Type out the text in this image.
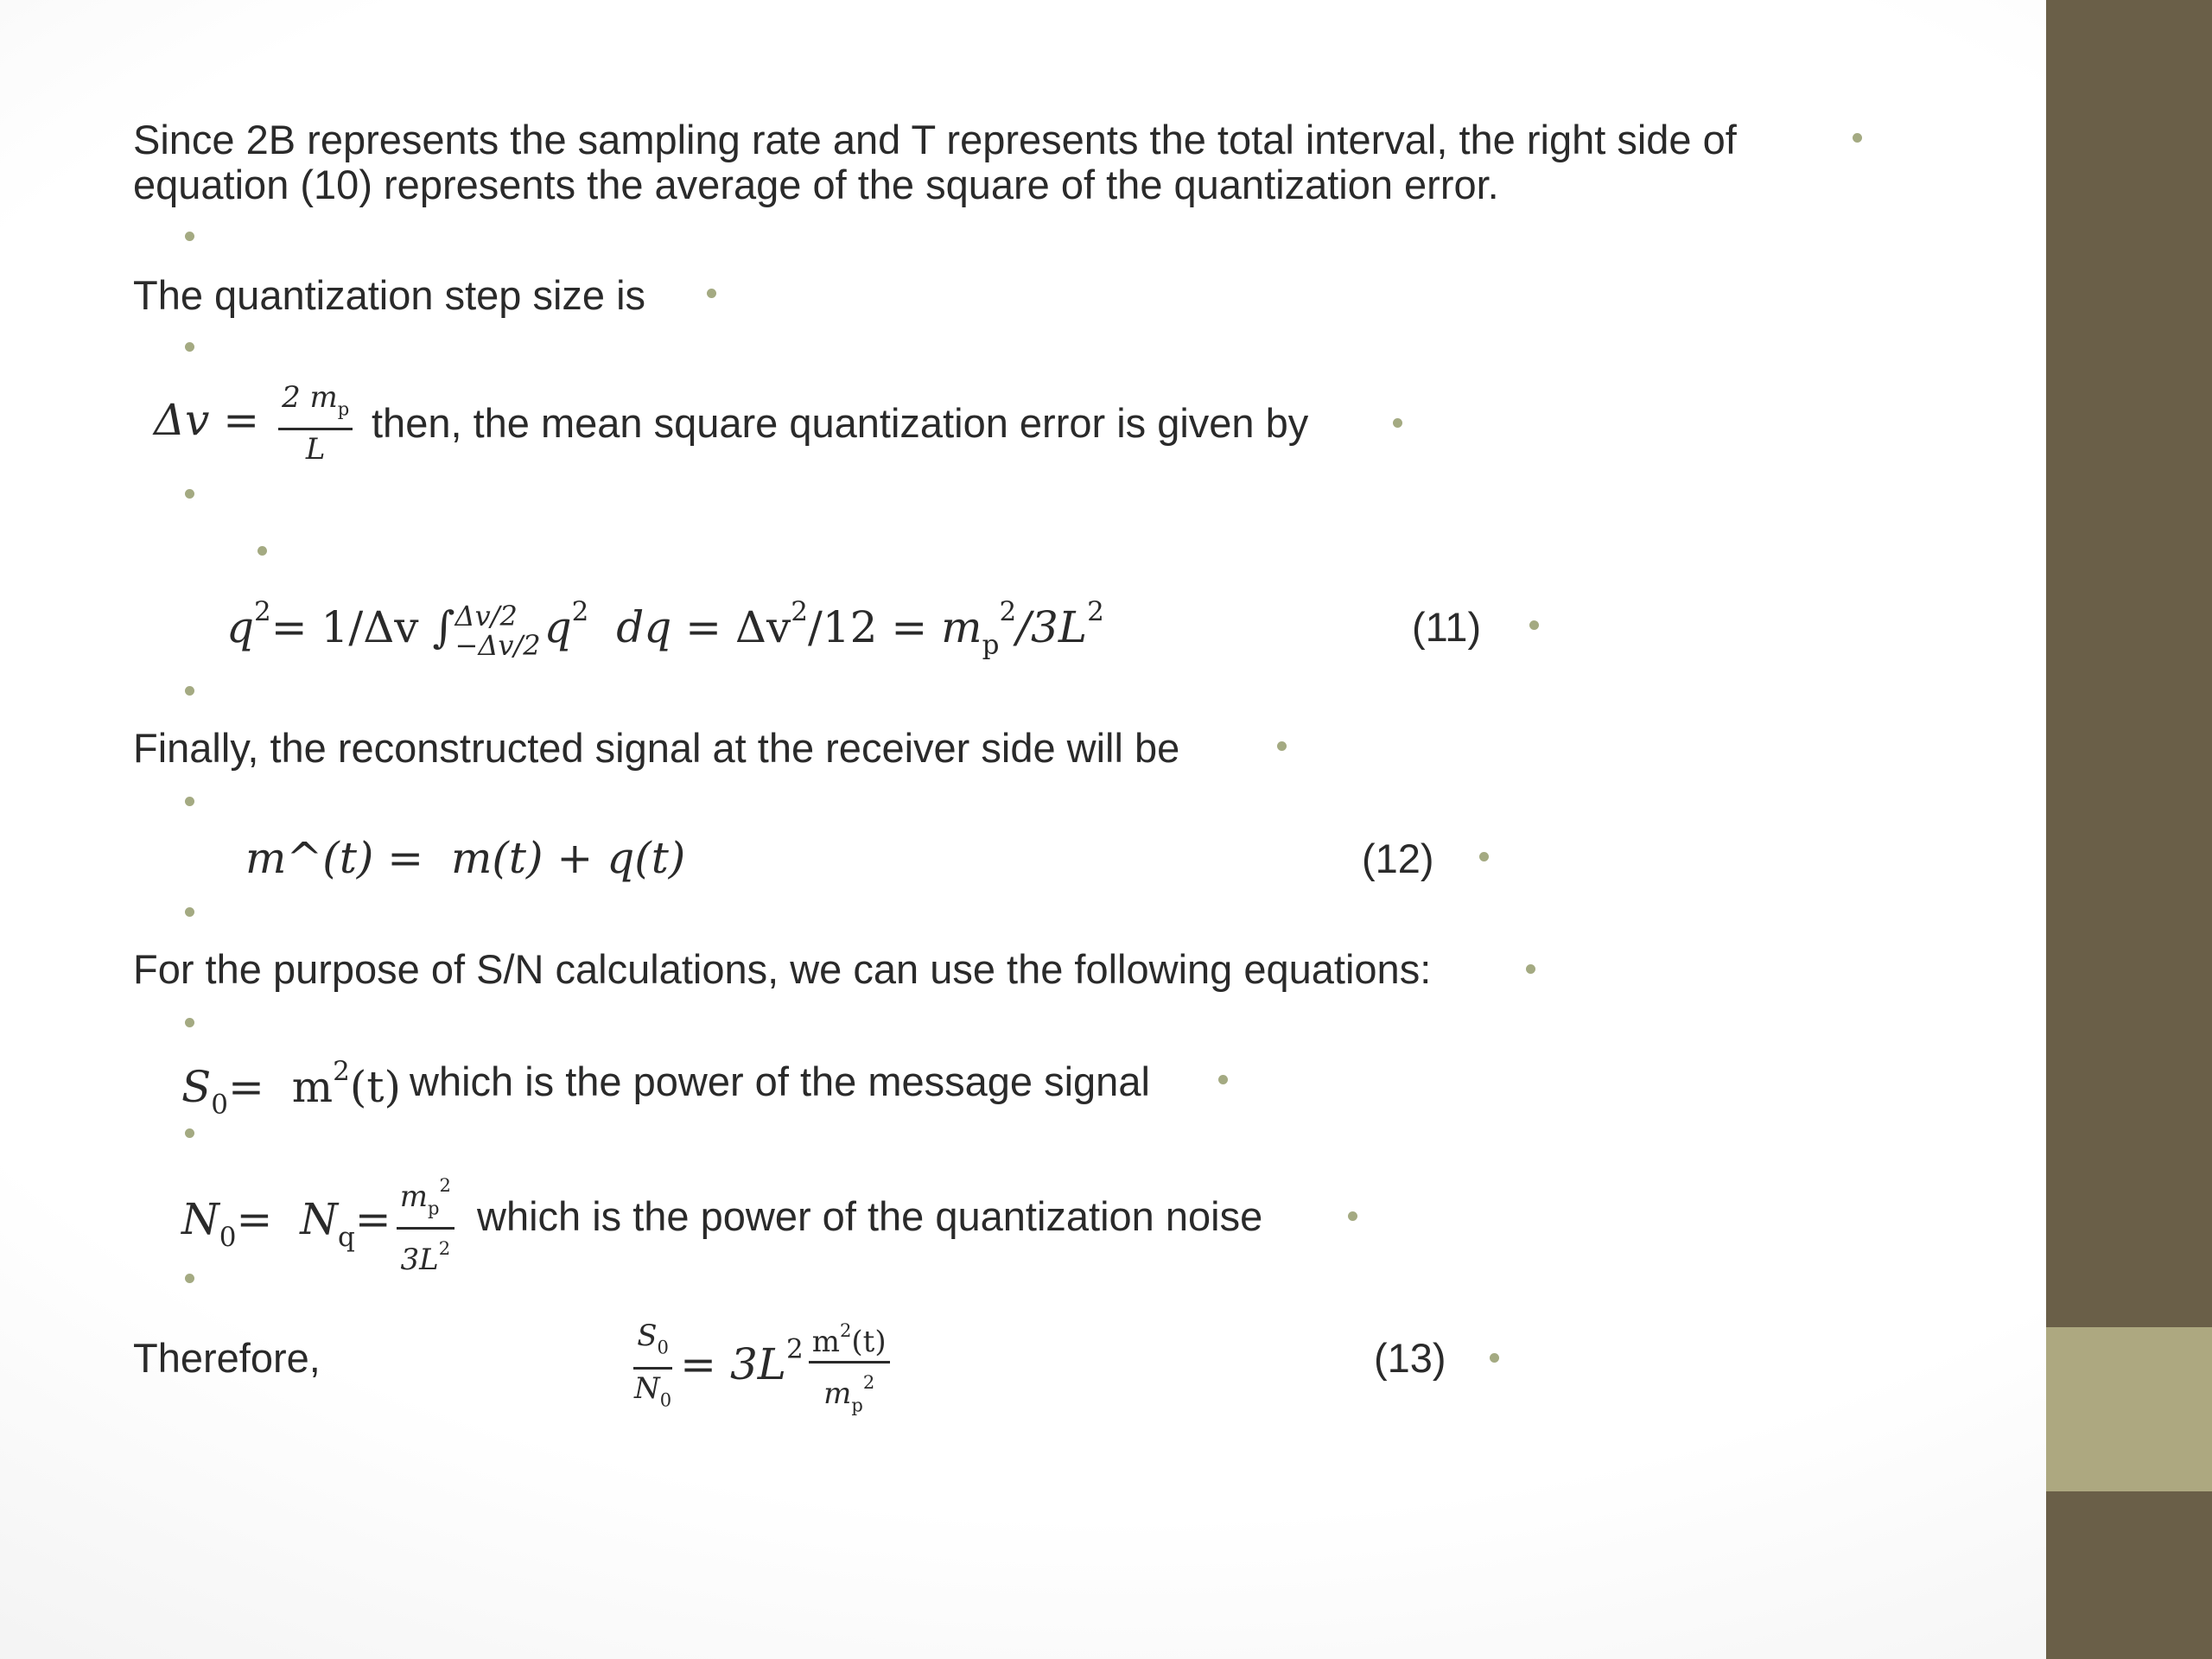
Since 2B represents the sampling rate and T represents the total interval, the right side of
equation (10) represents the average of the square of the quantization error.
The quantization step size is
$\Delta v = \frac{2 m_p}{L}$ then, the mean square quantization error is given by
$q^2= 1/\Delta v$ ∫ Δv/2
−Δv/2 $q^2$ dq = $\Delta v^2/12 = m_p^2/3L^2$	(11)
Finally, the reconstructed signal at the receiver side will be
m^(t) = m(t) + q(t)	(12)
For the purpose of S/N calculations, we can use the following equations:
$S_0= m^2(t)$ which is the power of the message signal
$N_0= N_q= \frac{m_p^2}{3L^2}$ which is the power of the quantization noise
Therefore,	$\frac{S_0}{N_0} = 3L^2 \frac{m^2(t)}{m_p^2}$	(13)
